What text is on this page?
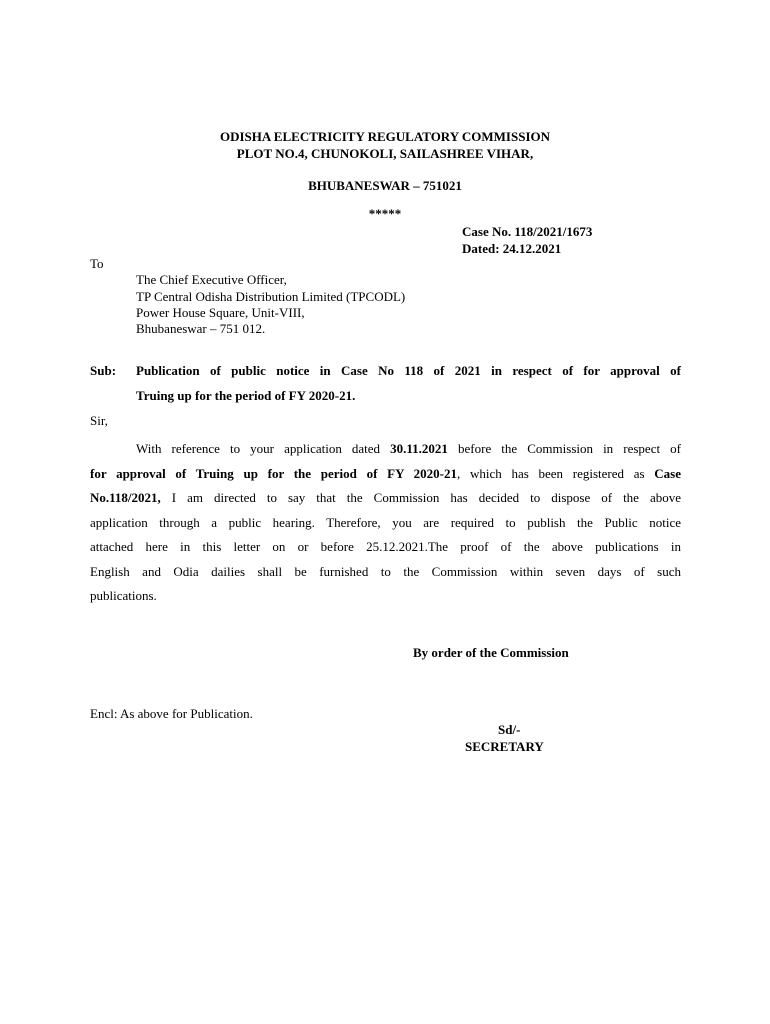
ODISHA ELECTRICITY REGULATORY COMMISSION
PLOT NO.4, CHUNOKOLI, SAILASHREE VIHAR,
BHUBANESWAR – 751021
*****
Case No. 118/2021/1673
Dated: 24.12.2021
To
The Chief Executive Officer,
TP Central Odisha Distribution Limited (TPCODL)
Power House Square, Unit-VIII,
Bhubaneswar – 751 012.
Sub: Publication of public notice in Case No 118 of 2021 in respect of for approval of
Truing up for the period of FY 2020-21.
Sir,
With reference to your application dated 30.11.2021 before the Commission in respect of
for approval of Truing up for the period of FY 2020-21, which has been registered as Case
No.118/2021, I am directed to say that the Commission has decided to dispose of the above
application through a public hearing. Therefore, you are required to publish the Public notice
attached here in this letter on or before 25.12.2021.The proof of the above publications in
English and Odia dailies shall be furnished to the Commission within seven days of such
publications.
By order of the Commission
Encl: As above for Publication.
Sd/-
SECRETARY
